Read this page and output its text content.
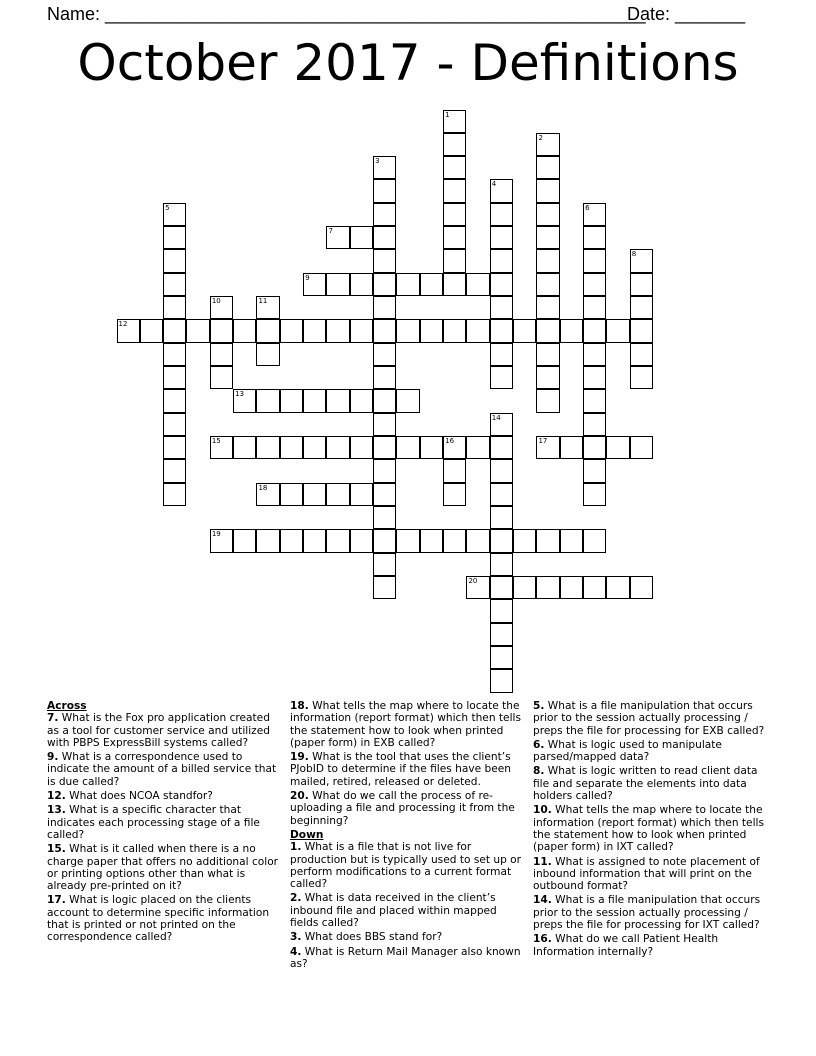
Name: ______________________________________________________
Date: _______
October 2017 - Definitions
1
2
3
4
5	6
7
8
9
10	11
12
13
14
15	16	17
18
19
20
Across
7. What is the Fox pro application created as a tool for customer service and utilized with PBPS ExpressBill systems called?
9. What is a correspondence used to indicate the amount of a billed service that is due called?
12. What does NCOA standfor?
13. What is a specific character that indicates each processing stage of a file called?
15. What is it called when there is a no charge paper that offers no additional color or printing options other than what is already pre-printed on it?
17. What is logic placed on the clients account to determine specific information that is printed or not printed on the correspondence called?
18. What tells the map where to locate the information (report format) which then tells the statement how to look when printed (paper form) in EXB called?
19. What is the tool that uses the client’s PJobID to determine if the files have been mailed, retired, released or deleted.
20. What do we call the process of re-uploading a file and processing it from the beginning?
Down
1. What is a file that is not live for production but is typically used to set up or perform modifications to a current format called?
2. What is data received in the client’s inbound file and placed within mapped fields called?
3. What does BBS stand for?
4. What is Return Mail Manager also known as?
5. What is a file manipulation that occurs prior to the session actually processing / preps the file for processing for EXB called?
6. What is logic used to manipulate parsed/mapped data?
8. What is logic written to read client data file and separate the elements into data holders called?
10. What tells the map where to locate the information (report format) which then tells the statement how to look when printed (paper form) in IXT called?
11. What is assigned to note placement of inbound information that will print on the outbound format?
14. What is a file manipulation that occurs prior to the session actually processing / preps the file for processing for IXT called?
16. What do we call Patient Health Information internally?
